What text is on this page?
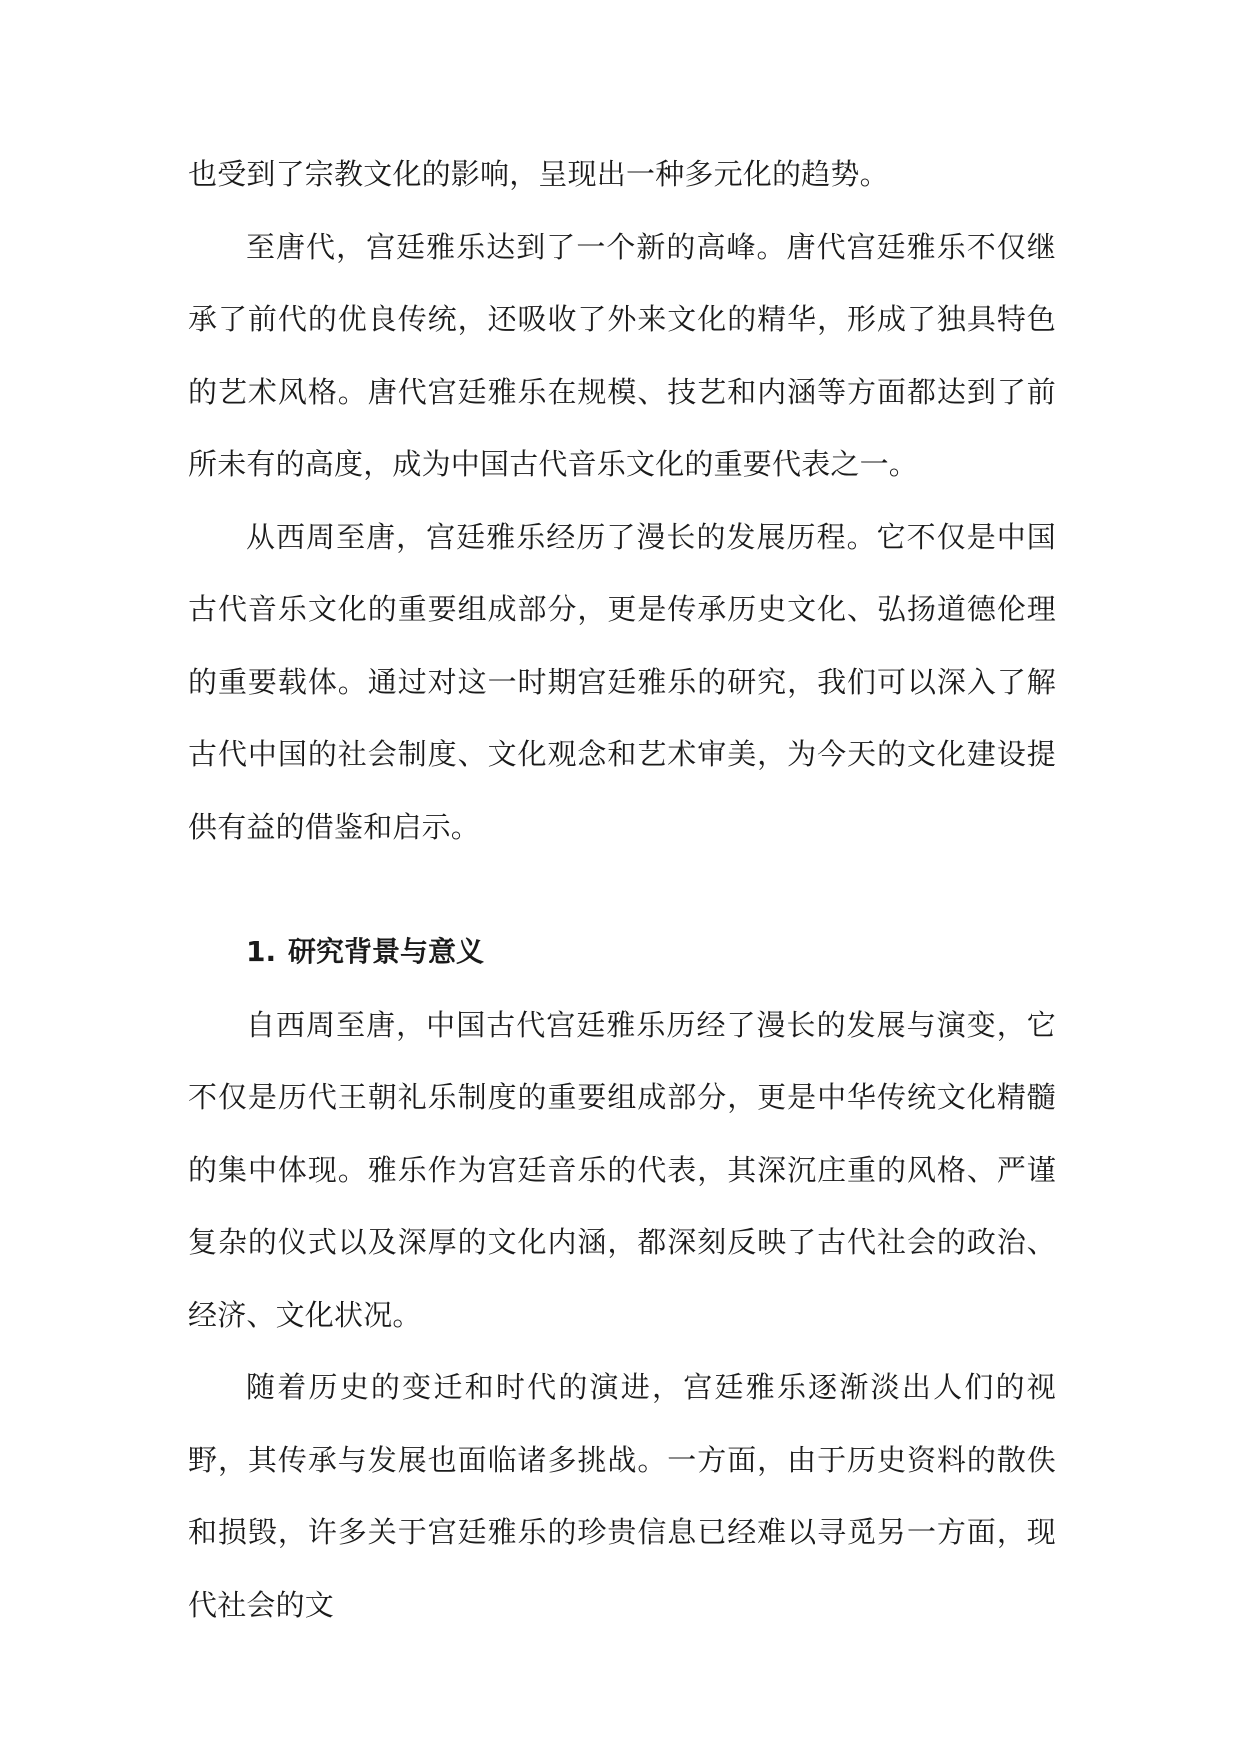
也受到了宗教文化的影响，呈现出一种多元化的趋势。

至唐代，宫廷雅乐达到了一个新的高峰。唐代宫廷雅乐不仅继承了前代的优良传统，还吸收了外来文化的精华，形成了独具特色的艺术风格。唐代宫廷雅乐在规模、技艺和内涵等方面都达到了前所未有的高度，成为中国古代音乐文化的重要代表之一。

从西周至唐，宫廷雅乐经历了漫长的发展历程。它不仅是中国古代音乐文化的重要组成部分，更是传承历史文化、弘扬道德伦理的重要载体。通过对这一时期宫廷雅乐的研究，我们可以深入了解古代中国的社会制度、文化观念和艺术审美，为今天的文化建设提供有益的借鉴和启示。

1. 研究背景与意义

自西周至唐，中国古代宫廷雅乐历经了漫长的发展与演变，它不仅是历代王朝礼乐制度的重要组成部分，更是中华传统文化精髓的集中体现。雅乐作为宫廷音乐的代表，其深沉庄重的风格、严谨复杂的仪式以及深厚的文化内涵，都深刻反映了古代社会的政治、经济、文化状况。

随着历史的变迁和时代的演进，宫廷雅乐逐渐淡出人们的视野，其传承与发展也面临诸多挑战。一方面，由于历史资料的散佚和损毁，许多关于宫廷雅乐的珍贵信息已经难以寻觅另一方面，现代社会的文
